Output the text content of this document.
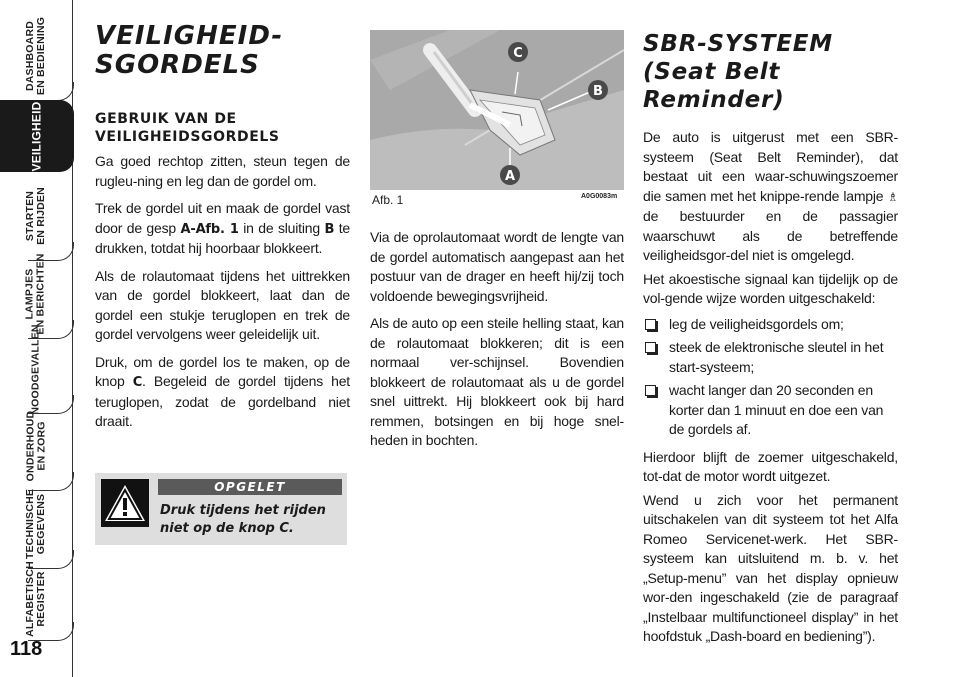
DASHBOARD
EN BEDIENING
VEILIGHEID
STARTEN
EN RIJDEN
LAMPJES
EN BERICHTEN
NOODGEVALLEN
ONDERHOUD
EN ZORG
TECHNISCHE
GEGEVENS
ALFABETISCH
REGISTER
118
VEILIGHEID-
SGORDELS
GEBRUIK VAN DE
VEILIGHEIDSGORDELS

Ga goed rechtop zitten, steun tegen de rugleu-ning en leg dan de gordel om.

Trek de gordel uit en maak de gordel vast door de gesp A-Afb. 1 in de sluiting B te drukken, totdat hij hoorbaar blokkeert.

Als de rolautomaat tijdens het uittrekken van de gordel blokkeert, laat dan de gordel een stukje teruglopen en trek de gordel vervolgens weer geleidelijk uit.

Druk, om de gordel los te maken, op de knop C. Begeleid de gordel tijdens het teruglopen, zodat de gordelband niet draait.

OPGELET
Druk tijdens het rijden niet op de knop C.
C
B
A
Afb. 1	A0G0083m

Via de oprolautomaat wordt de lengte van de gordel automatisch aangepast aan het postuur van de drager en heeft hij/zij toch voldoende bewegingsvrijheid.

Als de auto op een steile helling staat, kan de rolautomaat blokkeren; dit is een normaal ver-schijnsel. Bovendien blokkeert de rolautomaat als u de gordel snel uittrekt. Hij blokkeert ook bij hard remmen, botsingen en bij hoge snel-heden in bochten.

SBR-SYSTEEM
(Seat Belt Reminder)

De auto is uitgerust met een SBR-systeem (Seat Belt Reminder), dat bestaat uit een waar-schuwingszoemer die samen met het knippe-rende lampje ♗ de bestuurder en de passagier waarschuwt als de betreffende veiligheidsgor-del niet is omgelegd.

Het akoestische signaal kan tijdelijk op de vol-gende wijze worden uitgeschakeld:

leg de veiligheidsgordels om;
steek de elektronische sleutel in het start-systeem;
wacht langer dan 20 seconden en korter dan 1 minuut en doe een van de gordels af.

Hierdoor blijft de zoemer uitgeschakeld, tot-dat de motor wordt uitgezet.

Wend u zich voor het permanent uitschakelen van dit systeem tot het Alfa Romeo Servicenet-werk. Het SBR-systeem kan uitsluitend m. b. v. het „Setup-menu” van het display opnieuw wor-den ingeschakeld (zie de paragraaf „Instelbaar multifunctioneel display” in het hoofdstuk „Dash-board en bediening”).
